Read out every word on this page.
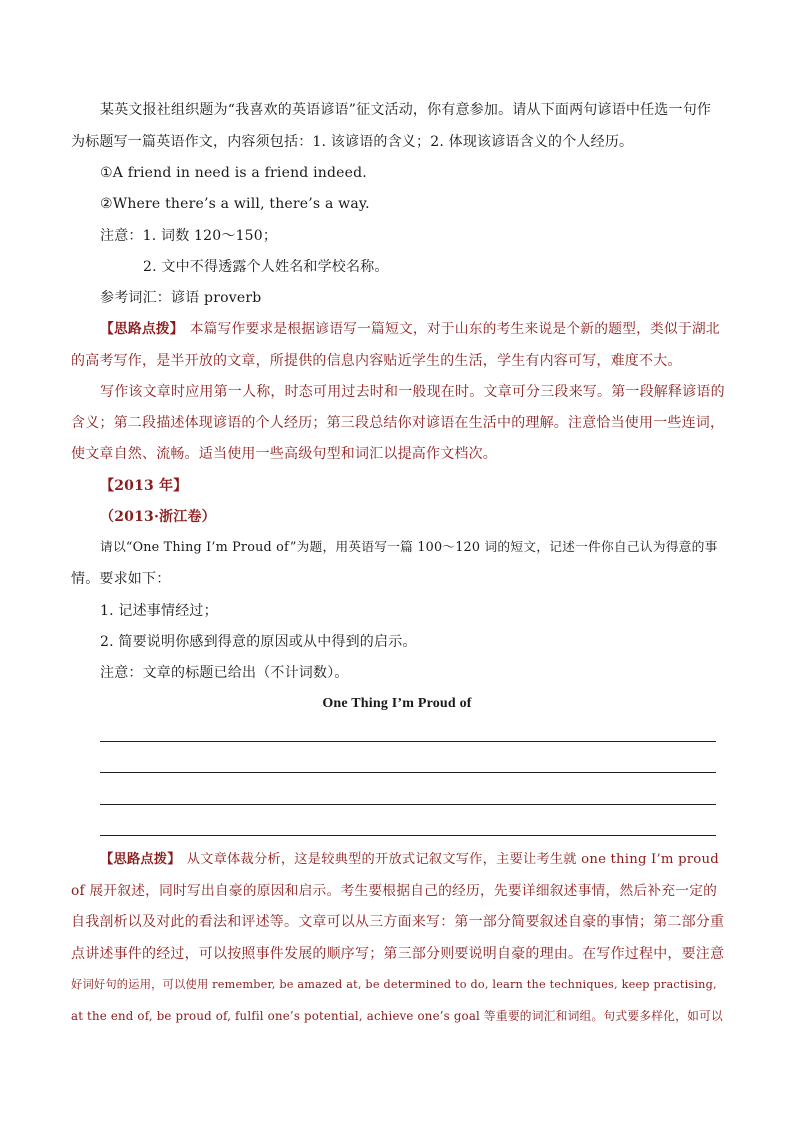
某英文报社组织题为“我喜欢的英语谚语”征文活动，你有意参加。请从下面两句谚语中任选一句作
为标题写一篇英语作文，内容须包括：1. 该谚语的含义；2. 体现该谚语含义的个人经历。
①A friend in need is a friend indeed.
②Where there’s a will, there’s a way.
注意：1. 词数 120～150；
2. 文中不得透露个人姓名和学校名称。
参考词汇：谚语 proverb
【思路点拨】 本篇写作要求是根据谚语写一篇短文，对于山东的考生来说是个新的题型，类似于湖北
的高考写作，是半开放的文章，所提供的信息内容贴近学生的生活，学生有内容可写，难度不大。
写作该文章时应用第一人称，时态可用过去时和一般现在时。文章可分三段来写。第一段解释谚语的
含义；第二段描述体现谚语的个人经历；第三段总结你对谚语在生活中的理解。注意恰当使用一些连词，
使文章自然、流畅。适当使用一些高级句型和词汇以提高作文档次。
【2013 年】
（2013·浙江卷）
请以“One Thing I’m Proud of”为题，用英语写一篇 100～120 词的短文，记述一件你自己认为得意的事
情。要求如下：
1. 记述事情经过；
2. 简要说明你感到得意的原因或从中得到的启示。
注意：文章的标题已给出（不计词数）。
One Thing I’m Proud of
【思路点拨】 从文章体裁分析，这是较典型的开放式记叙文写作，主要让考生就 one thing I’m proud
of 展开叙述，同时写出自豪的原因和启示。考生要根据自己的经历，先要详细叙述事情，然后补充一定的
自我剖析以及对此的看法和评述等。文章可以从三方面来写：第一部分简要叙述自豪的事情；第二部分重
点讲述事件的经过，可以按照事件发展的顺序写；第三部分则要说明自豪的理由。在写作过程中，要注意
好词好句的运用，可以使用 remember, be amazed at, be determined to do, learn the techniques, keep practising,
at the end of, be proud of, fulfil one’s potential, achieve one’s goal 等重要的词汇和词组。句式要多样化，如可以
